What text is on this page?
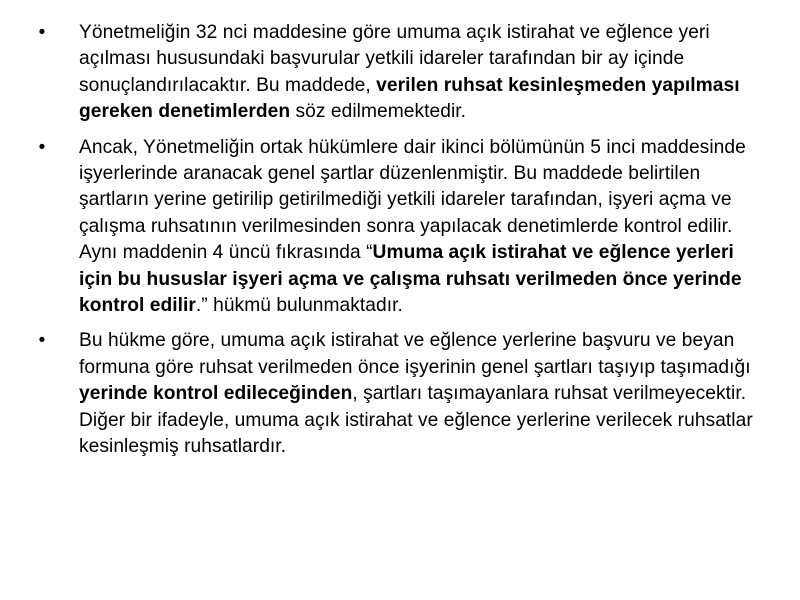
•	Yönetmeliğin 32 nci maddesine göre umuma açık istirahat ve eğlence yeri açılması hususundaki başvurular yetkili idareler tarafından bir ay içinde sonuçlandırılacaktır. Bu maddede, verilen ruhsat kesinleşmeden yapılması gereken denetimlerden söz edilmemektedir.
•	Ancak, Yönetmeliğin ortak hükümlere dair ikinci bölümünün 5 inci maddesinde işyerlerinde aranacak genel şartlar düzenlenmiştir. Bu maddede belirtilen şartların yerine getirilip getirilmediği yetkili idareler tarafından, işyeri açma ve çalışma ruhsatının verilmesinden sonra yapılacak denetimlerde kontrol edilir. Aynı maddenin 4 üncü fıkrasında “Umuma açık istirahat ve eğlence yerleri için bu hususlar işyeri açma ve çalışma ruhsatı verilmeden önce yerinde kontrol edilir.” hükmü bulunmaktadır.
•	Bu hükme göre, umuma açık istirahat ve eğlence yerlerine başvuru ve beyan formuna göre ruhsat verilmeden önce işyerinin genel şartları taşıyıp taşımadığı yerinde kontrol edileceğinden, şartları taşımayanlara ruhsat verilmeyecektir. Diğer bir ifadeyle, umuma açık istirahat ve eğlence yerlerine verilecek ruhsatlar kesinleşmiş ruhsatlardır.
